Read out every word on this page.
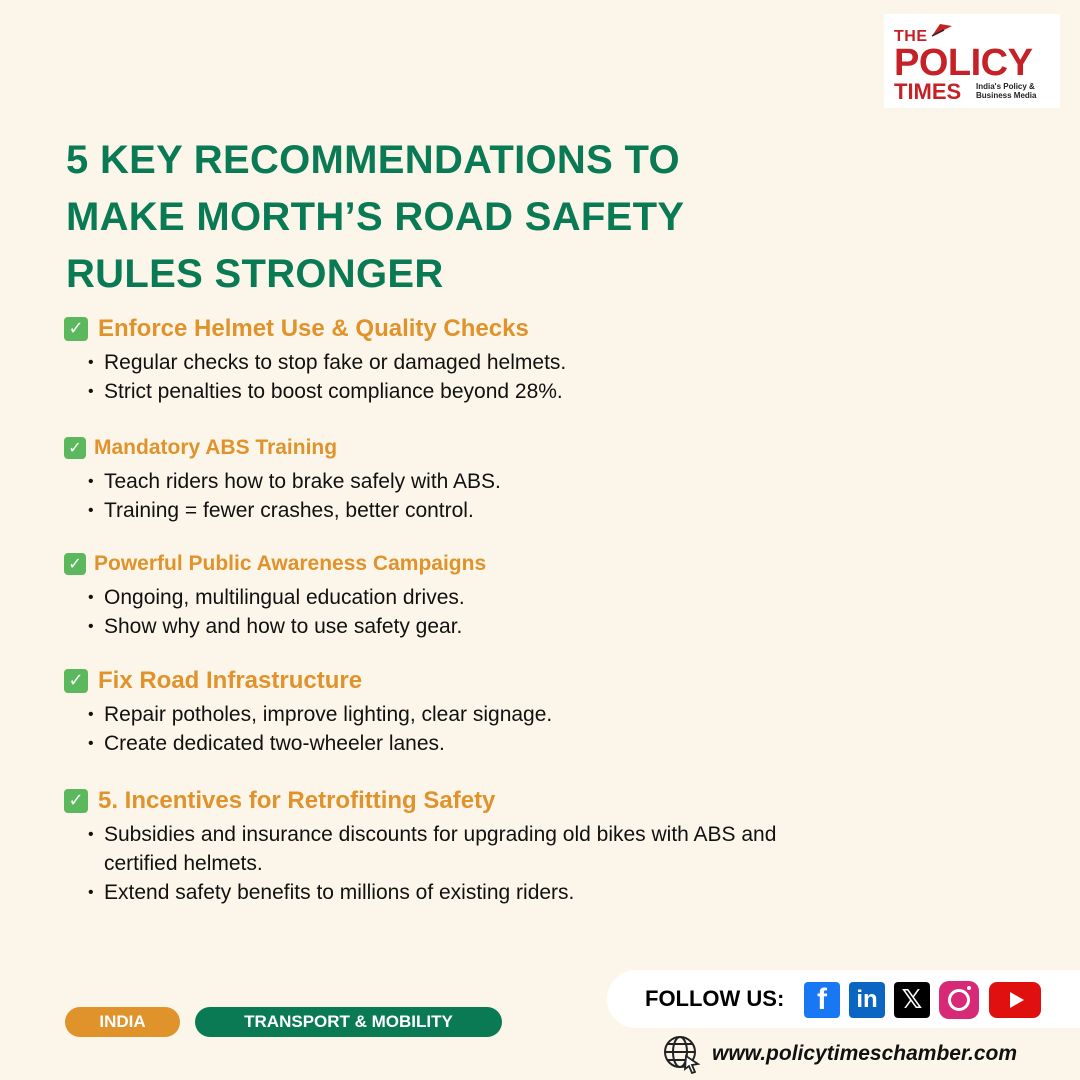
THE
POLICY
TIMES India's Policy & Business Media
5 KEY RECOMMENDATIONS TO MAKE MORTH’S ROAD SAFETY RULES STRONGER
✓ Enforce Helmet Use & Quality Checks
• Regular checks to stop fake or damaged helmets.
• Strict penalties to boost compliance beyond 28%.
✓ Mandatory ABS Training
• Teach riders how to brake safely with ABS.
• Training = fewer crashes, better control.
✓ Powerful Public Awareness Campaigns
• Ongoing, multilingual education drives.
• Show why and how to use safety gear.
✓ Fix Road Infrastructure
• Repair potholes, improve lighting, clear signage.
• Create dedicated two-wheeler lanes.
✓ 5. Incentives for Retrofitting Safety
• Subsidies and insurance discounts for upgrading old bikes with ABS and certified helmets.
• Extend safety benefits to millions of existing riders.
FOLLOW US:	f	in 𝕏
INDIA	TRANSPORT & MOBILITY
www.policytimeschamber.com
